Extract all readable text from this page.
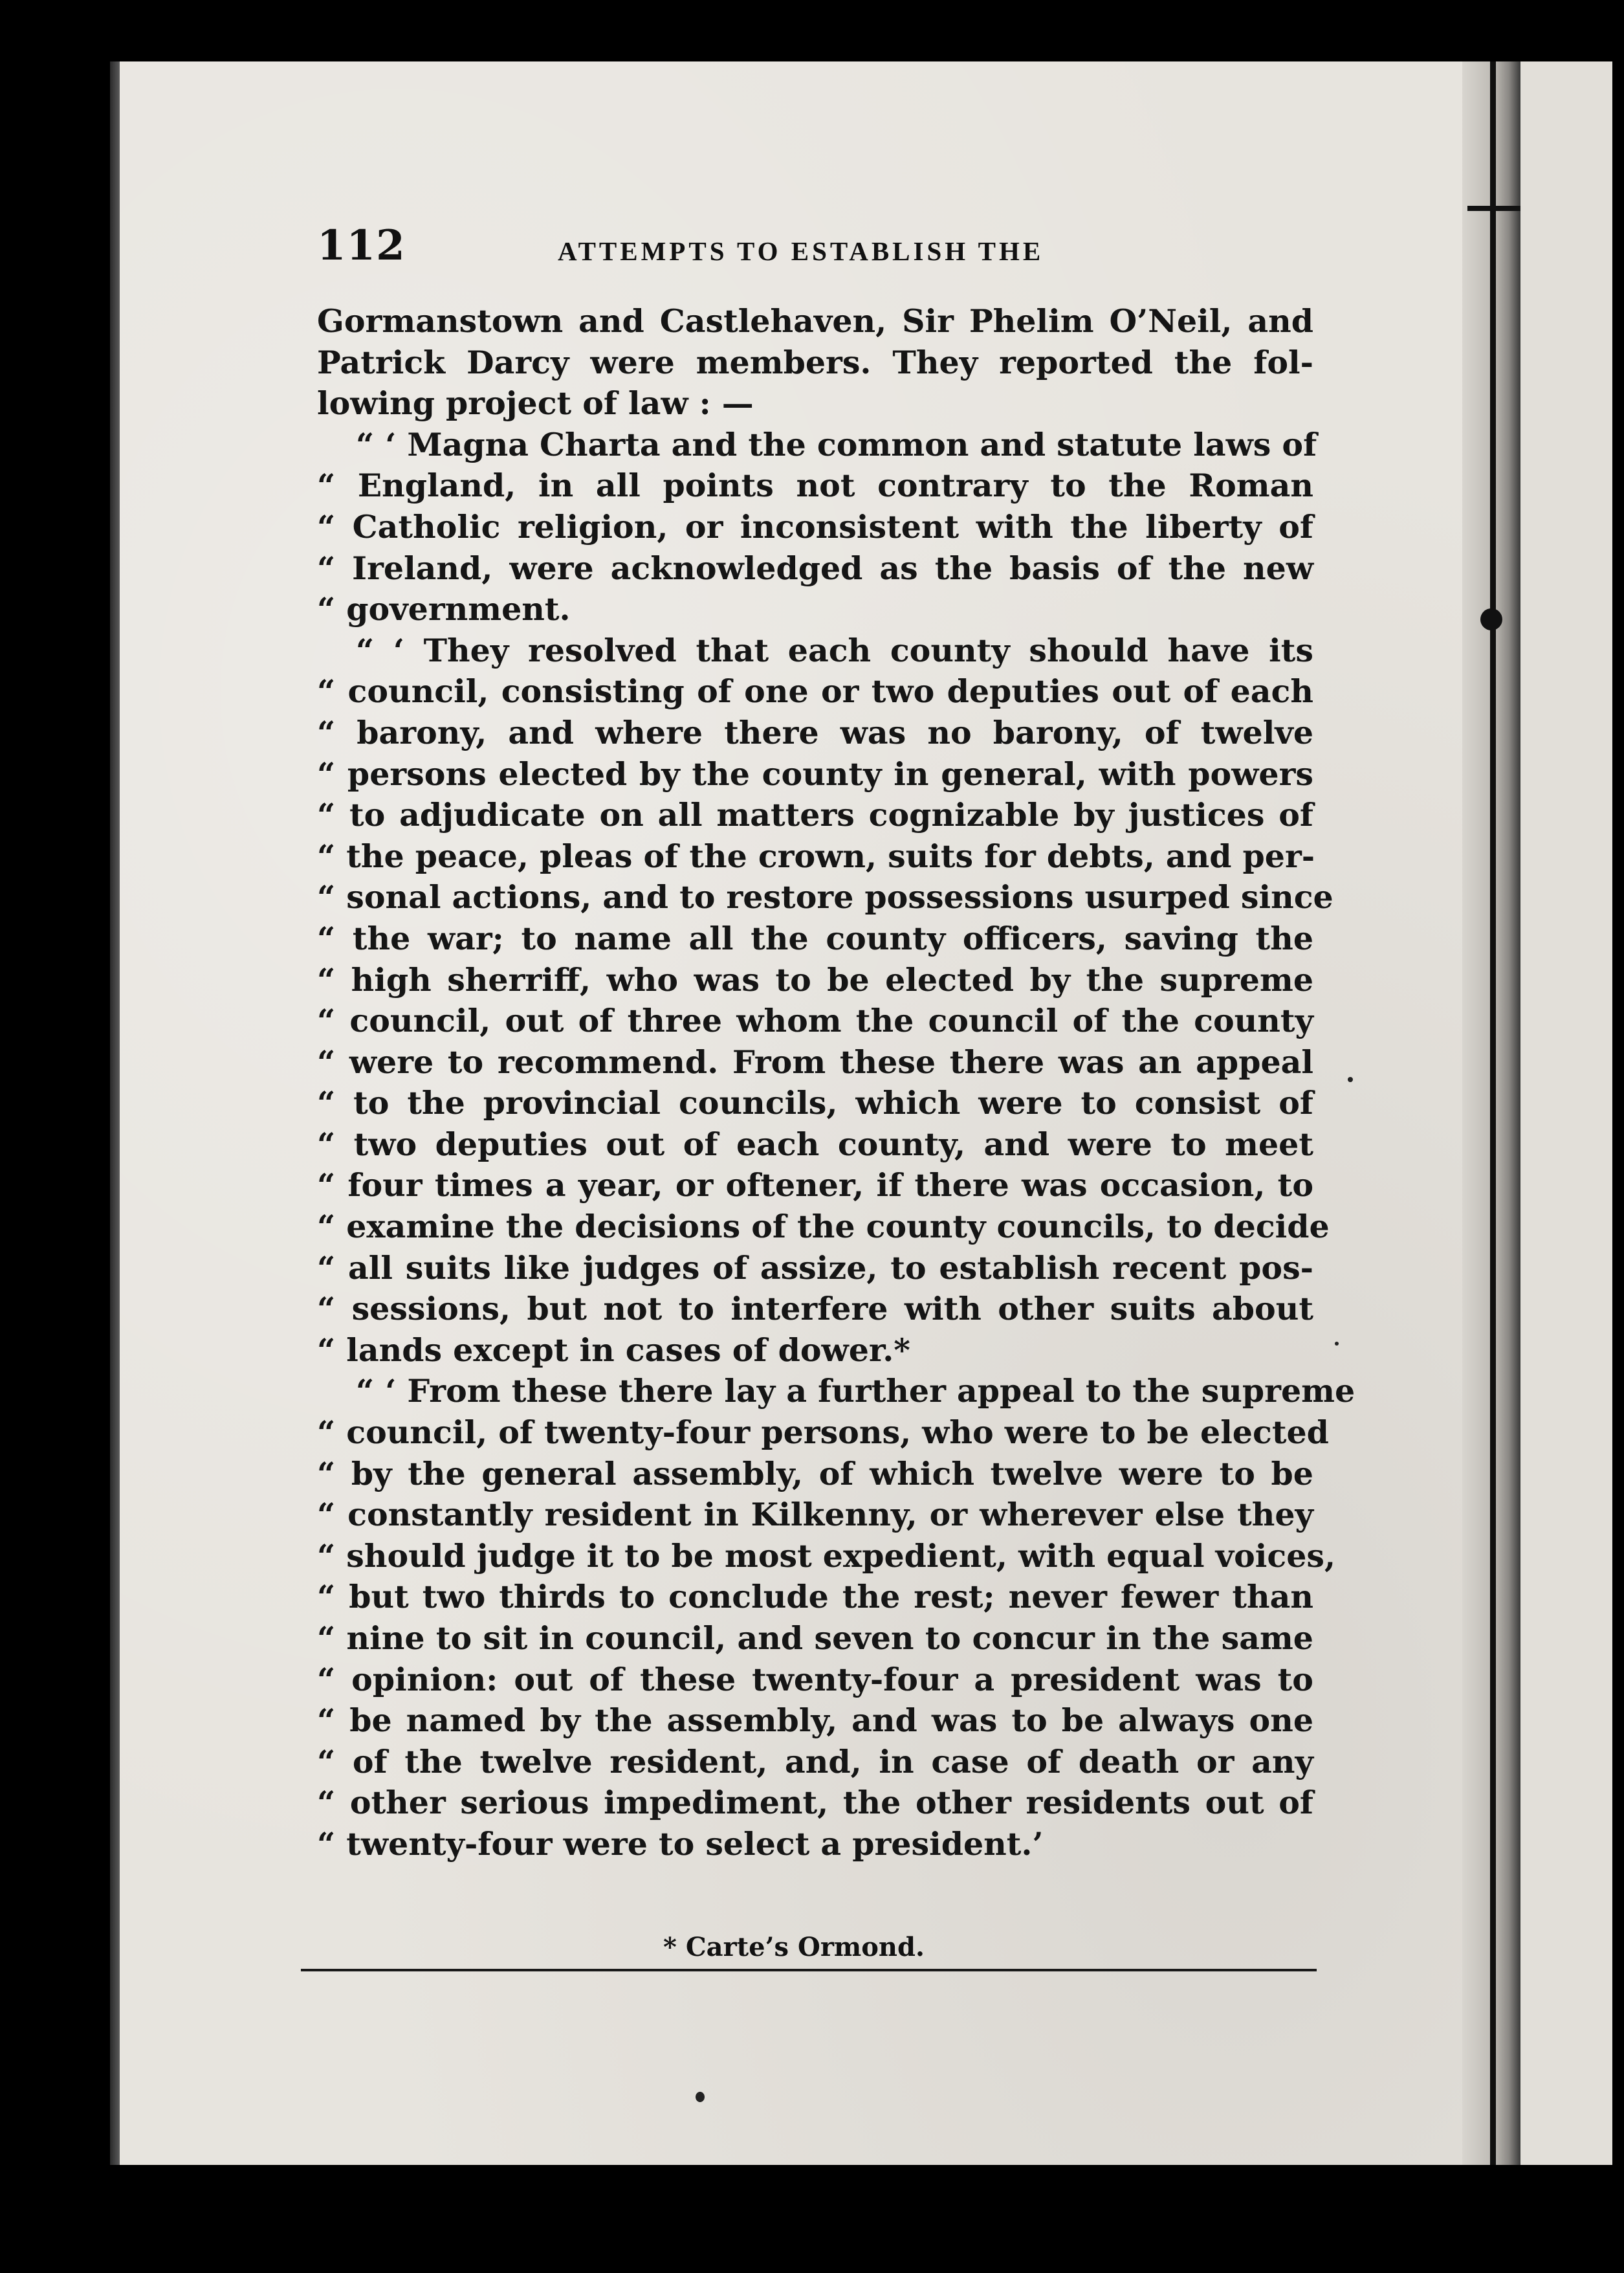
112	ATTEMPTS TO ESTABLISH THE
Gormanstown and Castlehaven, Sir Phelim O’Neil, and
Patrick Darcy were members. They reported the fol-
lowing project of law : —
“ ‘ Magna Charta and the common and statute laws of
“ England, in all points not contrary to the Roman
“ Catholic religion, or inconsistent with the liberty of
“ Ireland, were acknowledged as the basis of the new
“ government.
“ ‘ They resolved that each county should have its
“ council, consisting of one or two deputies out of each
“ barony, and where there was no barony, of twelve
“ persons elected by the county in general, with powers
“ to adjudicate on all matters cognizable by justices of
“ the peace, pleas of the crown, suits for debts, and per-
“ sonal actions, and to restore possessions usurped since
“ the war; to name all the county officers, saving the
“ high sherriff, who was to be elected by the supreme
“ council, out of three whom the council of the county
“ were to recommend. From these there was an appeal
“ to the provincial councils, which were to consist of
“ two deputies out of each county, and were to meet
“ four times a year, or oftener, if there was occasion, to
“ examine the decisions of the county councils, to decide
“ all suits like judges of assize, to establish recent pos-
“ sessions, but not to interfere with other suits about
“ lands except in cases of dower.*
“ ‘ From these there lay a further appeal to the supreme
“ council, of twenty-four persons, who were to be elected
“ by the general assembly, of which twelve were to be
“ constantly resident in Kilkenny, or wherever else they
“ should judge it to be most expedient, with equal voices,
“ but two thirds to conclude the rest; never fewer than
“ nine to sit in council, and seven to concur in the same
“ opinion: out of these twenty-four a president was to
“ be named by the assembly, and was to be always one
“ of the twelve resident, and, in case of death or any
“ other serious impediment, the other residents out of
“ twenty-four were to select a president.’
* Carte’s Ormond.
